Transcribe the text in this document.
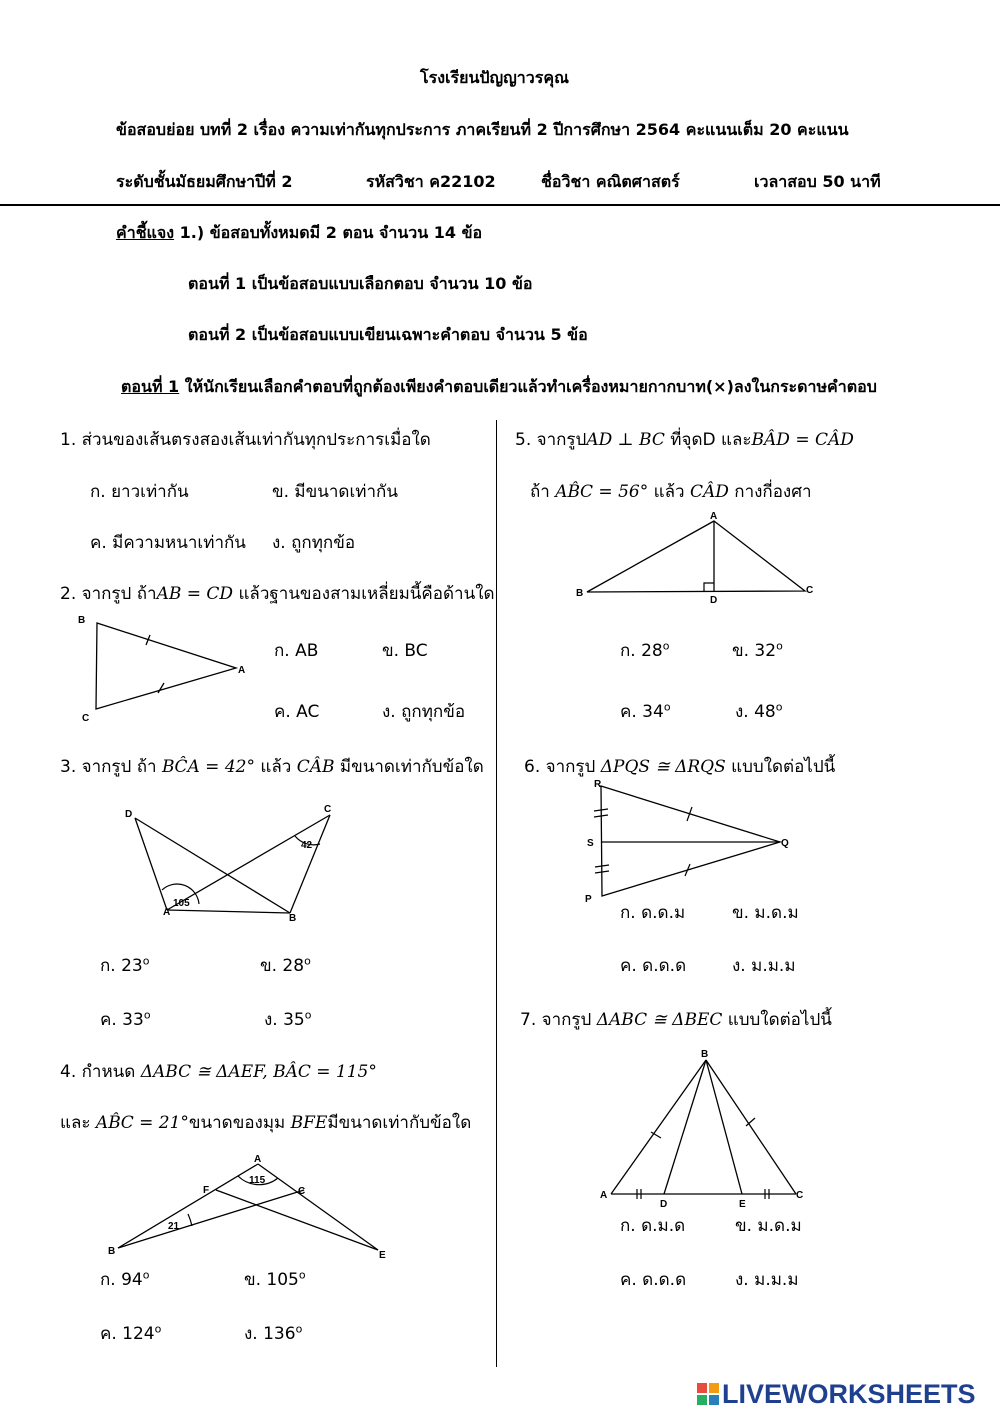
โรงเรียนปัญญาวรคุณ
ข้อสอบย่อย บทที่ 2 เรื่อง ความเท่ากันทุกประการ ภาคเรียนที่ 2 ปีการศึกษา 2564 คะแนนเต็ม 20 คะแนน
ระดับชั้นมัธยมศึกษาปีที่ 2	รหัสวิชา ค22102	ชื่อวิชา คณิตศาสตร์	เวลาสอบ 50 นาที
คำชี้แจง 1.) ข้อสอบทั้งหมดมี 2 ตอน จำนวน 14 ข้อ
ตอนที่ 1 เป็นข้อสอบแบบเลือกตอบ จำนวน 10 ข้อ
ตอนที่ 2 เป็นข้อสอบแบบเขียนเฉพาะคำตอบ จำนวน 5 ข้อ
ตอนที่ 1 ให้นักเรียนเลือกคำตอบที่ถูกต้องเพียงคำตอบเดียวแล้วทำเครื่องหมายกากบาท(×)ลงในกระดาษคำตอบ
1. ส่วนของเส้นตรงสองเส้นเท่ากันทุกประการเมื่อใด
ก. ยาวเท่ากัน	ข. มีขนาดเท่ากัน
ค. มีความหนาเท่ากัน ง. ถูกทุกข้อ
2. จากรูป ถ้าAB = CD แล้วฐานของสามเหลี่ยมนี้คือด้านใด
B
A
C
ก. AB	ข. BC
ค. AC	ง. ถูกทุกข้อ
3. จากรูป ถ้า BĈA = 42° แล้ว CÂB มีขนาดเท่ากับข้อใด
D	C
A
B
42
105
ก. 23$^o$	ข. 28$^o$
ค. 33$^o$	ง. 35$^o$
4. กำหนด ΔABC ≅ ΔAEF, BÂC = 115°
และ AB̂C = 21°ขนาดของมุม BFEมีขนาดเท่ากับข้อใด
A
F	C
B	E
115
21
ก. 94$^o$	ข. 105$^o$
ค. 124$^o$	ง. 136$^o$
5. จากรูปAD ⊥ BC ที่จุดD และBÂD = CÂD
ถ้า AB̂C = 56° แล้ว CÂD กางกี่องศา
A
B
D
C
ก. 28$^o$	ข. 32$^o$
ค. 34$^o$	ง. 48$^o$
6. จากรูป ΔPQS ≅ ΔRQS แบบใดต่อไปนี้
R
S
P
Q
ก. ด.ด.ม	ข. ม.ด.ม
ค. ด.ด.ด	ง. ม.ม.ม
7. จากรูป ΔABC ≅ ΔBEC แบบใดต่อไปนี้
B
A
D	E
C
ก. ด.ม.ด	ข. ม.ด.ม
ค. ด.ด.ด	ง. ม.ม.ม
LIVEWORKSHEETS
